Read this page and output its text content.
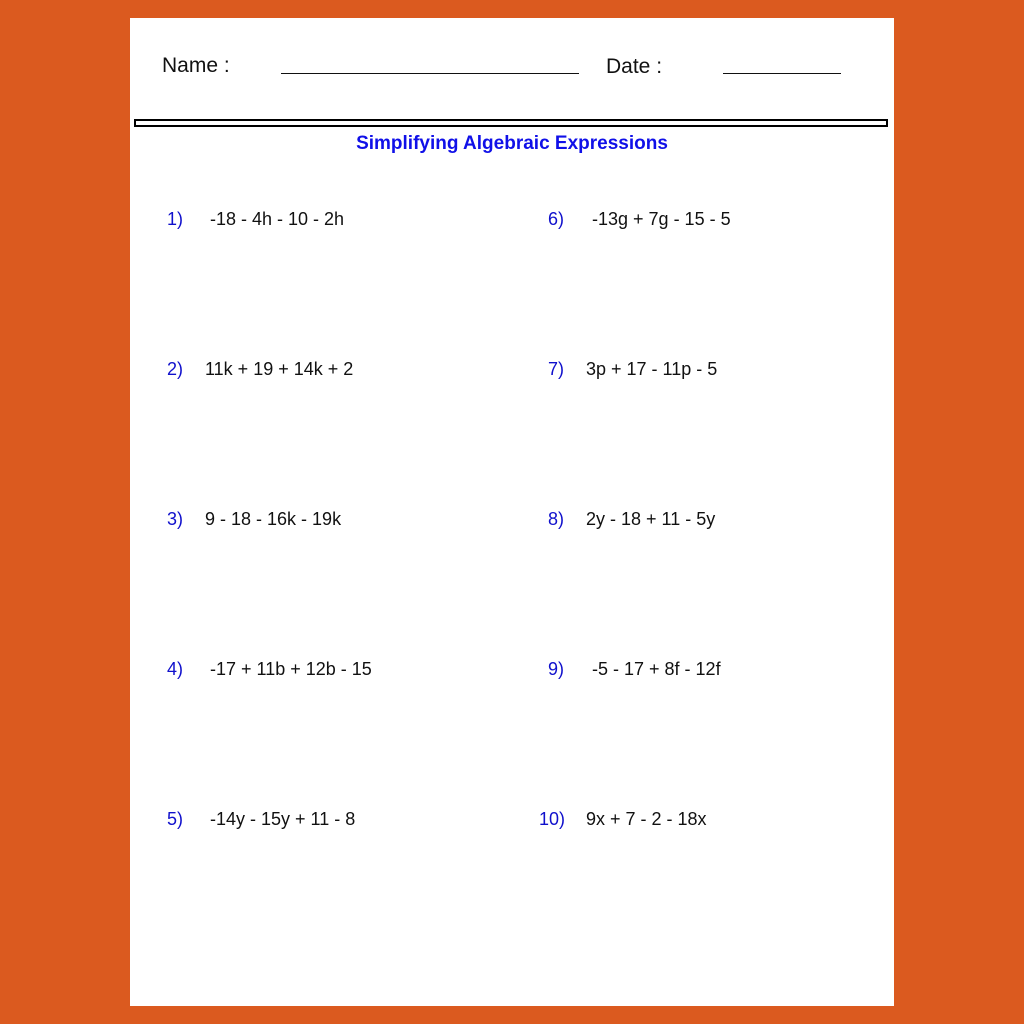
Name :	Date :
Simplifying Algebraic Expressions
1) -18 - 4h - 10 - 2h
2) 11k + 19 + 14k + 2
3) 9 - 18 - 16k - 19k
4) -17 + 11b + 12b - 15
5) -14y - 15y + 11 - 8
6) -13g + 7g - 15 - 5
7) 3p + 17 - 11p - 5
8) 2y - 18 + 11 - 5y
9) -5 - 17 + 8f - 12f
10) 9x + 7 - 2 - 18x
